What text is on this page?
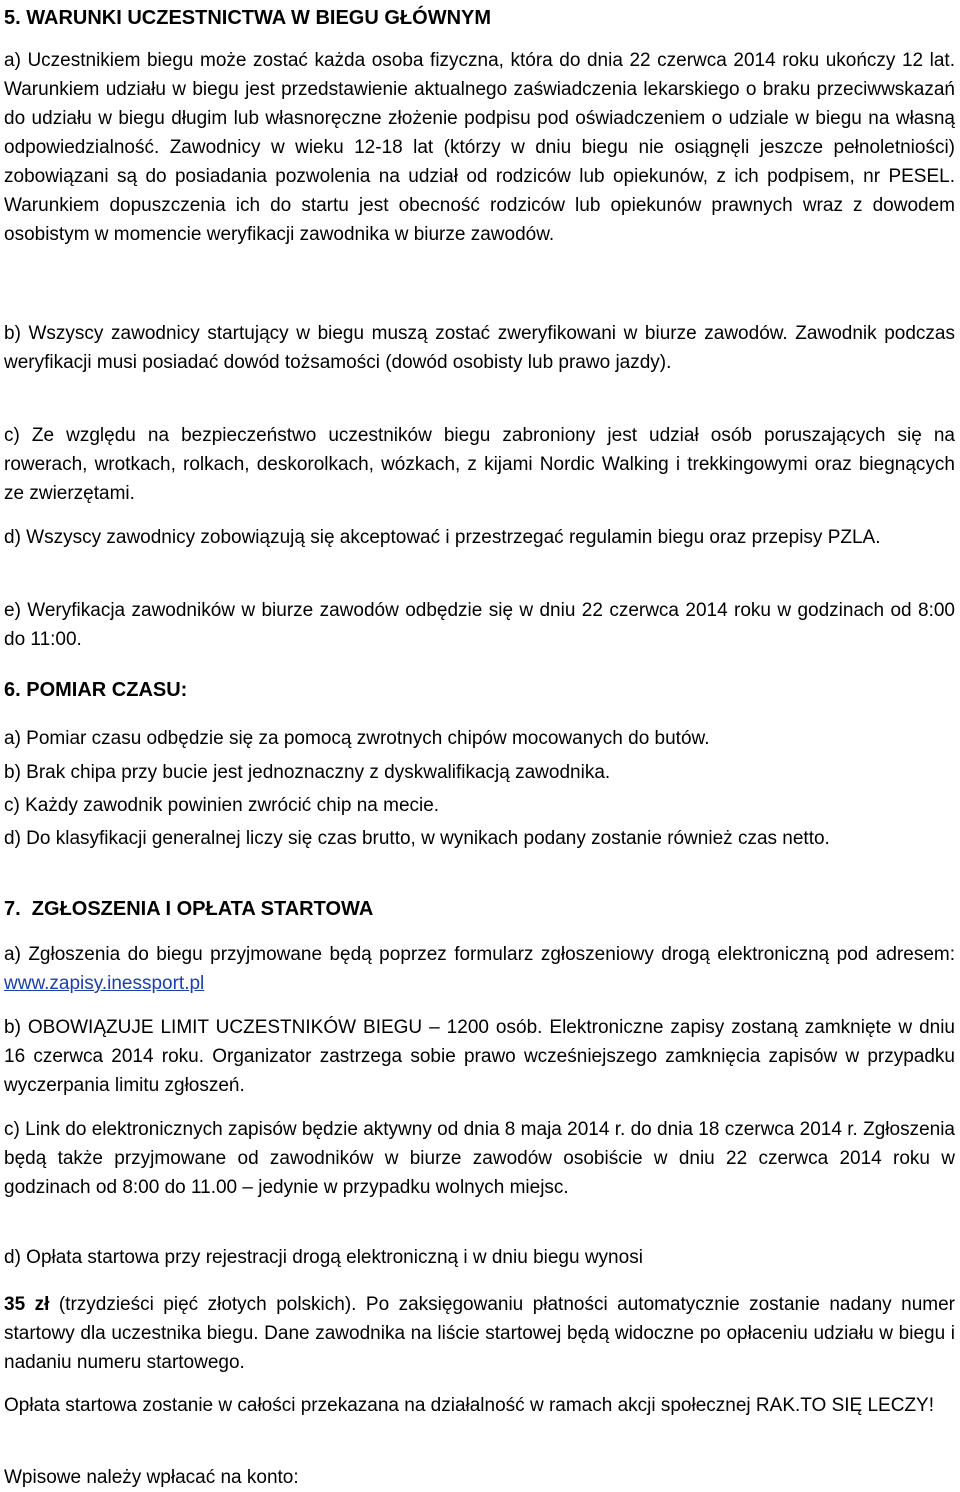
5. WARUNKI UCZESTNICTWA W BIEGU GŁÓWNYM

a) Uczestnikiem biegu może zostać każda osoba fizyczna, która do dnia 22 czerwca 2014 roku ukończy 12 lat. Warunkiem udziału w biegu jest przedstawienie aktualnego zaświadczenia lekarskiego o braku przeciwwskazań do udziału w biegu długim lub własnoręczne złożenie podpisu pod oświadczeniem o udziale w biegu na własną odpowiedzialność. Zawodnicy w wieku 12-18 lat (którzy w dniu biegu nie osiągnęli jeszcze pełnoletniości) zobowiązani są do posiadania pozwolenia na udział od rodziców lub opiekunów, z ich podpisem, nr PESEL. Warunkiem dopuszczenia ich do startu jest obecność rodziców lub opiekunów prawnych wraz z dowodem osobistym w momencie weryfikacji zawodnika w biurze zawodów.

b) Wszyscy zawodnicy startujący w biegu muszą zostać zweryfikowani w biurze zawodów. Zawodnik podczas weryfikacji musi posiadać dowód tożsamości (dowód osobisty lub prawo jazdy).

c) Ze względu na bezpieczeństwo uczestników biegu zabroniony jest udział osób poruszających się na rowerach, wrotkach, rolkach, deskorolkach, wózkach, z kijami Nordic Walking i trekkingowymi oraz biegnących ze zwierzętami.

d) Wszyscy zawodnicy zobowiązują się akceptować i przestrzegać regulamin biegu oraz przepisy PZLA.

e) Weryfikacja zawodników w biurze zawodów odbędzie się w dniu 22 czerwca 2014 roku w godzinach od 8:00 do 11:00.

6. POMIAR CZASU:

a) Pomiar czasu odbędzie się za pomocą zwrotnych chipów mocowanych do butów.

b) Brak chipa przy bucie jest jednoznaczny z dyskwalifikacją zawodnika.

c) Każdy zawodnik powinien zwrócić chip na mecie.

d) Do klasyfikacji generalnej liczy się czas brutto, w wynikach podany zostanie również czas netto.

7.  ZGŁOSZENIA I OPŁATA STARTOWA

a) Zgłoszenia do biegu przyjmowane będą poprzez formularz zgłoszeniowy drogą elektroniczną pod adresem: www.zapisy.inessport.pl

b) OBOWIĄZUJE LIMIT UCZESTNIKÓW BIEGU – 1200 osób. Elektroniczne zapisy zostaną zamknięte w dniu 16 czerwca 2014 roku. Organizator zastrzega sobie prawo wcześniejszego zamknięcia zapisów w przypadku wyczerpania limitu zgłoszeń.

c) Link do elektronicznych zapisów będzie aktywny od dnia 8 maja 2014 r. do dnia 18 czerwca 2014 r. Zgłoszenia będą także przyjmowane od zawodników w biurze zawodów osobiście w dniu 22 czerwca 2014 roku w godzinach od 8:00 do 11.00 – jedynie w przypadku wolnych miejsc.

d) Opłata startowa przy rejestracji drogą elektroniczną i w dniu biegu wynosi

35 zł (trzydzieści pięć złotych polskich). Po zaksięgowaniu płatności automatycznie zostanie nadany numer startowy dla uczestnika biegu. Dane zawodnika na liście startowej będą widoczne po opłaceniu udziału w biegu i nadaniu numeru startowego.

Opłata startowa zostanie w całości przekazana na działalność w ramach akcji społecznej RAK.TO SIĘ LECZY!

Wpisowe należy wpłacać na konto:
